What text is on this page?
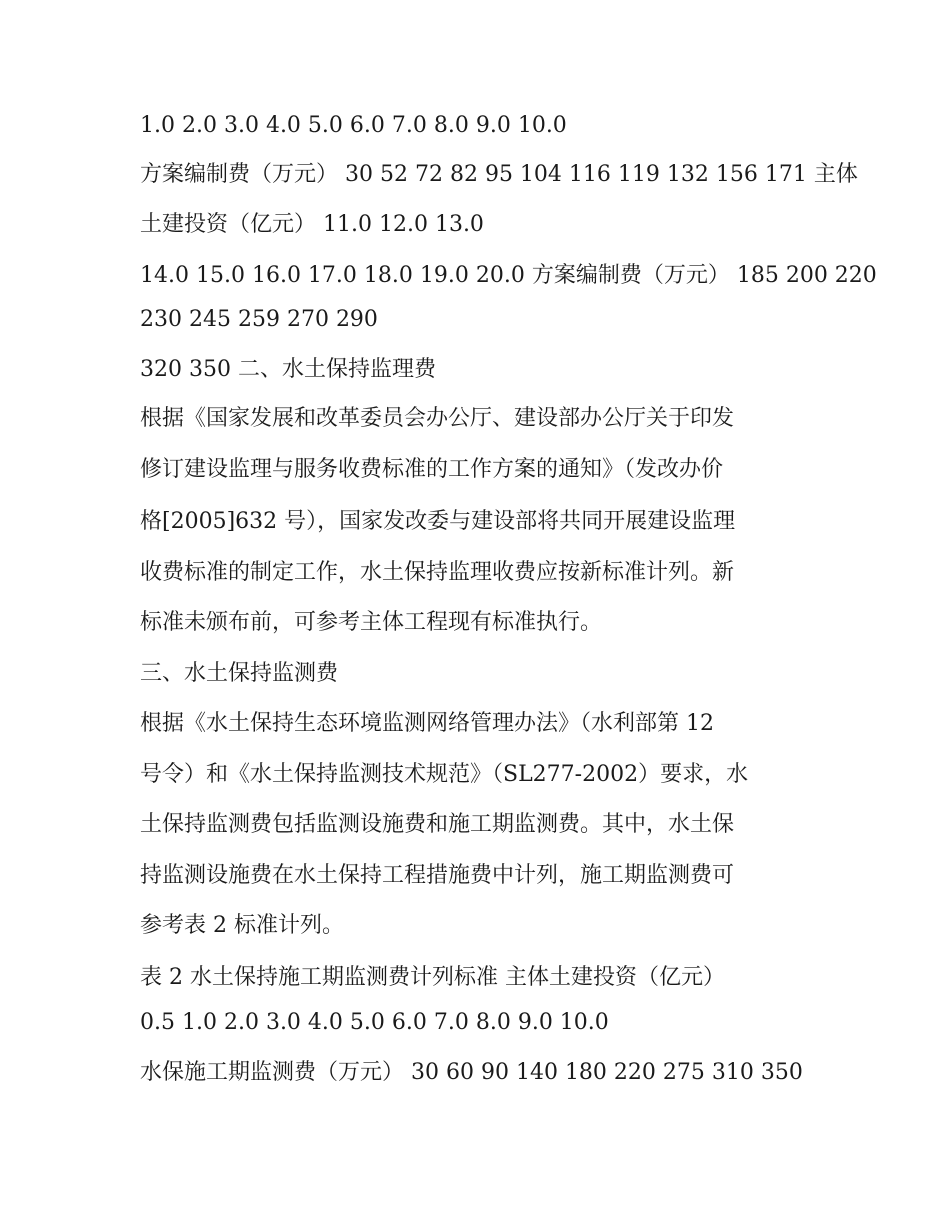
1.0 2.0 3.0 4.0 5.0 6.0 7.0 8.0 9.0 10.0
方案编制费（万元） 30 52 72 82 95 104 116 119 132 156 171 主体
土建投资（亿元） 11.0 12.0 13.0
14.0 15.0 16.0 17.0 18.0 19.0 20.0 方案编制费（万元） 185 200 220
230 245 259 270 290
320 350 二、水土保持监理费
根据《国家发展和改革委员会办公厅、建设部办公厅关于印发
修订建设监理与服务收费标准的工作方案的通知》（发改办价
格[2005]632 号），国家发改委与建设部将共同开展建设监理
收费标准的制定工作，水土保持监理收费应按新标准计列。新
标准未颁布前，可参考主体工程现有标准执行。
三、水土保持监测费
根据《水土保持生态环境监测网络管理办法》（水利部第 12
号令）和《水土保持监测技术规范》（SL277-2002）要求，水
土保持监测费包括监测设施费和施工期监测费。其中，水土保
持监测设施费在水土保持工程措施费中计列，施工期监测费可
参考表 2 标准计列。
表 2 水土保持施工期监测费计列标准 主体土建投资（亿元）
0.5 1.0 2.0 3.0 4.0 5.0 6.0 7.0 8.0 9.0 10.0
水保施工期监测费（万元） 30 60 90 140 180 220 275 310 350
